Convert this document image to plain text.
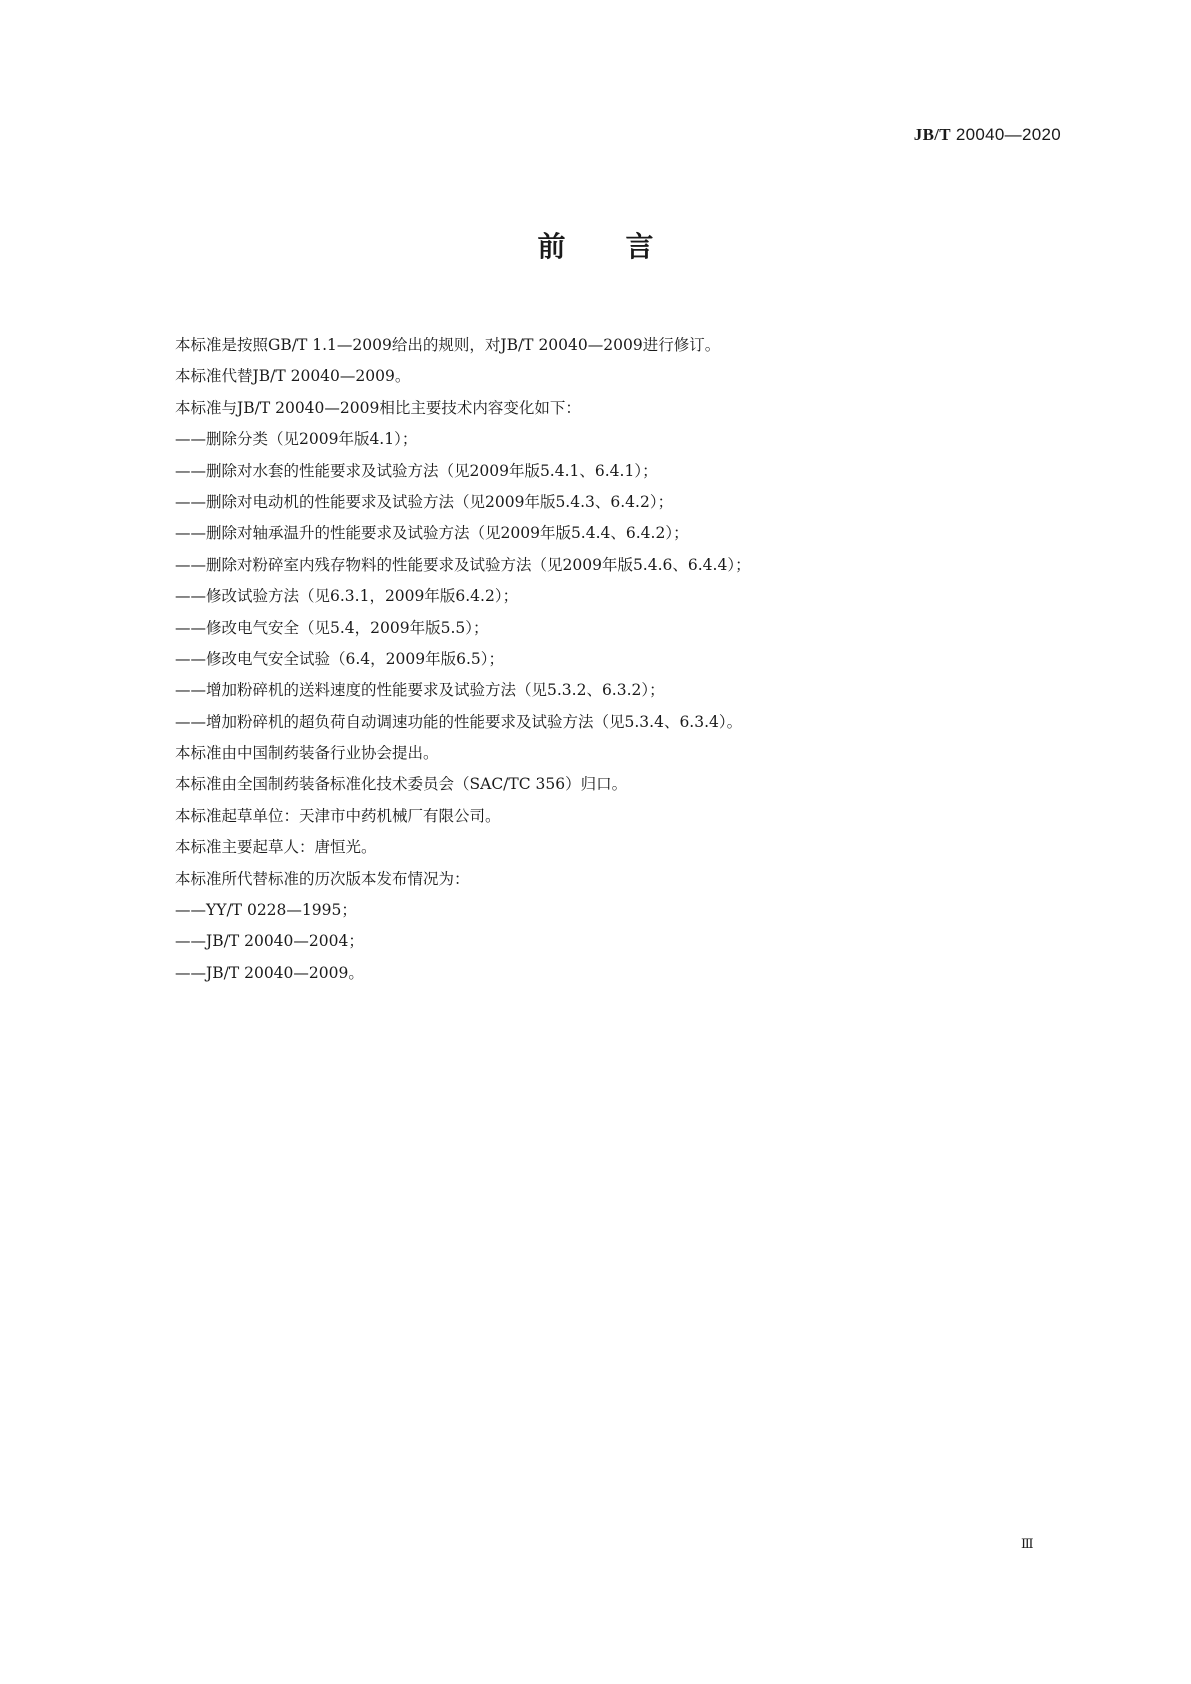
JB/T 20040—2020
前言
本标准是按照GB/T 1.1—2009给出的规则，对JB/T 20040—2009进行修订。
本标准代替JB/T 20040—2009。
本标准与JB/T 20040—2009相比主要技术内容变化如下：
——删除分类（见2009年版4.1）；
——删除对水套的性能要求及试验方法（见2009年版5.4.1、6.4.1）；
——删除对电动机的性能要求及试验方法（见2009年版5.4.3、6.4.2）；
——删除对轴承温升的性能要求及试验方法（见2009年版5.4.4、6.4.2）；
——删除对粉碎室内残存物料的性能要求及试验方法（见2009年版5.4.6、6.4.4）；
——修改试验方法（见6.3.1，2009年版6.4.2）；
——修改电气安全（见5.4，2009年版5.5）；
——修改电气安全试验（6.4，2009年版6.5）；
——增加粉碎机的送料速度的性能要求及试验方法（见5.3.2、6.3.2）；
——增加粉碎机的超负荷自动调速功能的性能要求及试验方法（见5.3.4、6.3.4）。
本标准由中国制药装备行业协会提出。
本标准由全国制药装备标准化技术委员会（SAC/TC 356）归口。
本标准起草单位：天津市中药机械厂有限公司。
本标准主要起草人：唐恒光。
本标准所代替标准的历次版本发布情况为：
——YY/T 0228—1995；
——JB/T 20040—2004；
——JB/T 20040—2009。
Ⅲ
